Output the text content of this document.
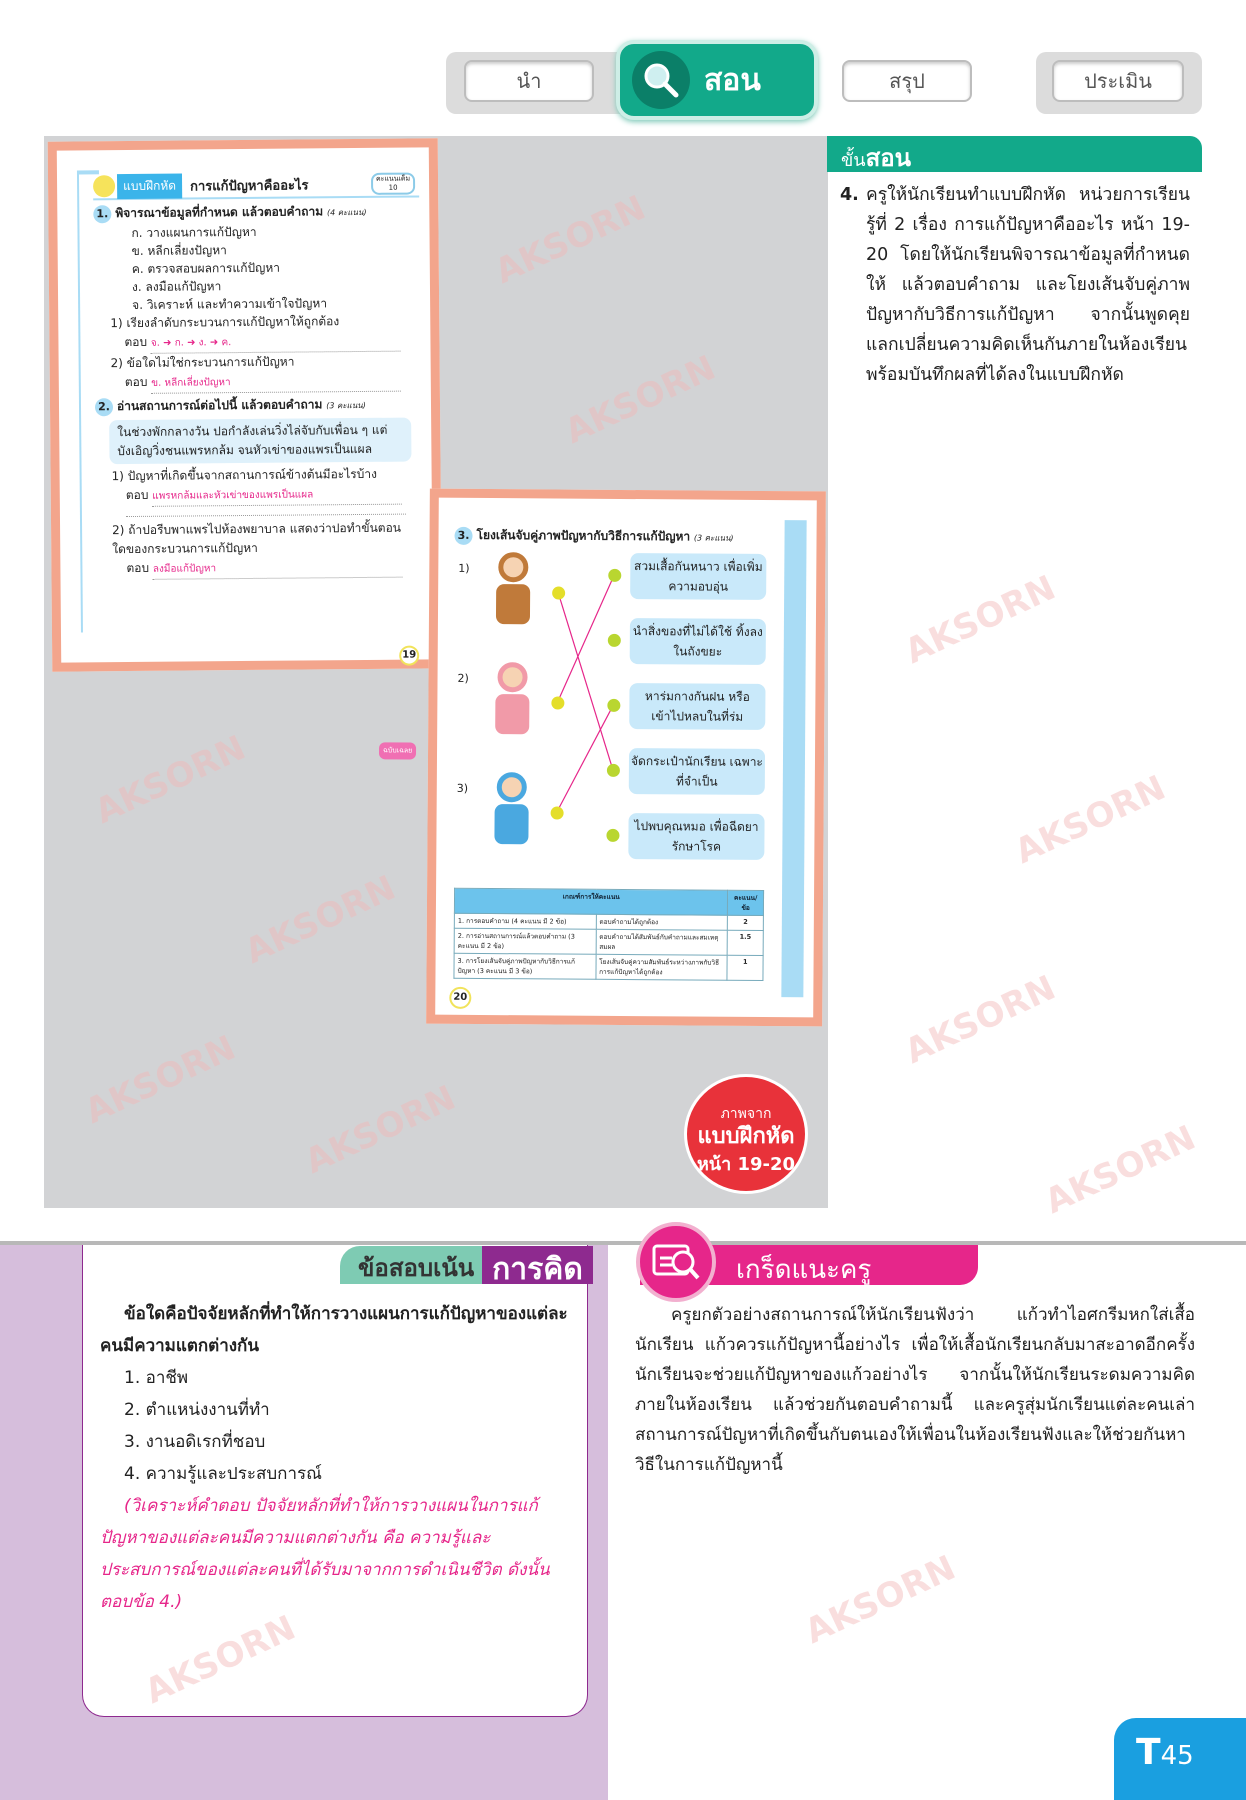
นำ	สรุป	ประเมิน
สอน
แบบฝึกหัด	การแก้ปัญหาคืออะไร	คะแนนเต็ม
10
1. พิจารณาข้อมูลที่กำหนด แล้วตอบคำถาม (4 คะแนน)
ก. วางแผนการแก้ปัญหา
ข. หลีกเลี่ยงปัญหา
ค. ตรวจสอบผลการแก้ปัญหา
ง. ลงมือแก้ปัญหา
จ. วิเคราะห์ และทำความเข้าใจปัญหา
1) เรียงลำดับกระบวนการแก้ปัญหาให้ถูกต้อง
ตอบ จ. ➜ ก. ➜ ง. ➜ ค.
2) ข้อใดไม่ใช่กระบวนการแก้ปัญหา
ตอบ ข. หลีกเลี่ยงปัญหา
2. อ่านสถานการณ์ต่อไปนี้ แล้วตอบคำถาม (3 คะแนน)
ในช่วงพักกลางวัน ปอกำลังเล่นวิ่งไล่จับกับเพื่อน ๆ แต่บังเอิญวิ่งชนแพรหกล้ม จนหัวเข่าของแพรเป็นแผล
1) ปัญหาที่เกิดขึ้นจากสถานการณ์ข้างต้นมีอะไรบ้าง
ตอบ แพรหกล้มและหัวเข่าของแพรเป็นแผล
2) ถ้าปอรีบพาแพรไปห้องพยาบาล แสดงว่าปอทำขั้นตอนใดของกระบวนการแก้ปัญหา
ตอบ ลงมือแก้ปัญหา
19
3. โยงเส้นจับคู่ภาพปัญหากับวิธีการแก้ปัญหา (3 คะแนน)
1)
2)
3)
สวมเสื้อกันหนาว เพื่อเพิ่มความอบอุ่น
นำสิ่งของที่ไม่ได้ใช้ ทิ้งลงในถังขยะ
หาร่มกางกันฝน หรือเข้าไปหลบในที่ร่ม
จัดกระเป๋านักเรียน เฉพาะที่จำเป็น
ไปพบคุณหมอ เพื่อฉีดยารักษาโรค
เกณฑ์การให้คะแนน		คะแนน/ข้อ
1. การตอบคำถาม (4 คะแนน มี 2 ข้อ)	ตอบคำถามได้ถูกต้อง	2
2. การอ่านสถานการณ์แล้วตอบคำถาม (3 คะแนน มี 2 ข้อ)	ตอบคำถามได้สัมพันธ์กับคำถามและสมเหตุสมผล	1.5
3. การโยงเส้นจับคู่ภาพปัญหากับวิธีการแก้ปัญหา (3 คะแนน มี 3 ข้อ)	โยงเส้นจับคู่ความสัมพันธ์ระหว่างภาพกับวิธีการแก้ปัญหาได้ถูกต้อง	1
20
ฉบับเฉลย
ภาพจาก
แบบฝึกหัด
หน้า 19-20
ขั้นสอน
4. ครูให้นักเรียนทำแบบฝึกหัด หน่วยการเรียนรู้ที่ 2 เรื่อง การแก้ปัญหาคืออะไร หน้า 19-20 โดยให้นักเรียนพิจารณาข้อมูลที่กำหนดให้ แล้วตอบคำถาม และโยงเส้นจับคู่ภาพปัญหากับวิธีการแก้ปัญหา จากนั้นพูดคุยแลกเปลี่ยนความคิดเห็นกันภายในห้องเรียน พร้อมบันทึกผลที่ได้ลงในแบบฝึกหัด
ข้อสอบเน้น การคิด
ข้อใดคือปัจจัยหลักที่ทำให้การวางแผนการแก้ปัญหาของแต่ละคนมีความแตกต่างกัน
1. อาชีพ
2. ตำแหน่งงานที่ทำ
3. งานอดิเรกที่ชอบ
4. ความรู้และประสบการณ์
(วิเคราะห์คำตอบ ปัจจัยหลักที่ทำให้การวางแผนในการแก้ปัญหาของแต่ละคนมีความแตกต่างกัน คือ ความรู้และประสบการณ์ของแต่ละคนที่ได้รับมาจากการดำเนินชีวิต ดังนั้น ตอบข้อ 4.)
เกร็ดแนะครู
ครูยกตัวอย่างสถานการณ์ให้นักเรียนฟังว่า แก้วทำไอศกรีมหกใส่เสื้อนักเรียน แก้วควรแก้ปัญหานี้อย่างไร เพื่อให้เสื้อนักเรียนกลับมาสะอาดอีกครั้ง นักเรียนจะช่วยแก้ปัญหาของแก้วอย่างไร จากนั้นให้นักเรียนระดมความคิดภายในห้องเรียน แล้วช่วยกันตอบคำถามนี้ และครูสุ่มนักเรียนแต่ละคนเล่าสถานการณ์ปัญหาที่เกิดขึ้นกับตนเองให้เพื่อนในห้องเรียนฟังและให้ช่วยกันหาวิธีในการแก้ปัญหานี้
T45
AKSORN
AKSORN
AKSORN AKSORN
AKSORN
AKSORN
AKSORN
AKSORN
AKSORN
AKSORN
AKSORN
AKSORN
